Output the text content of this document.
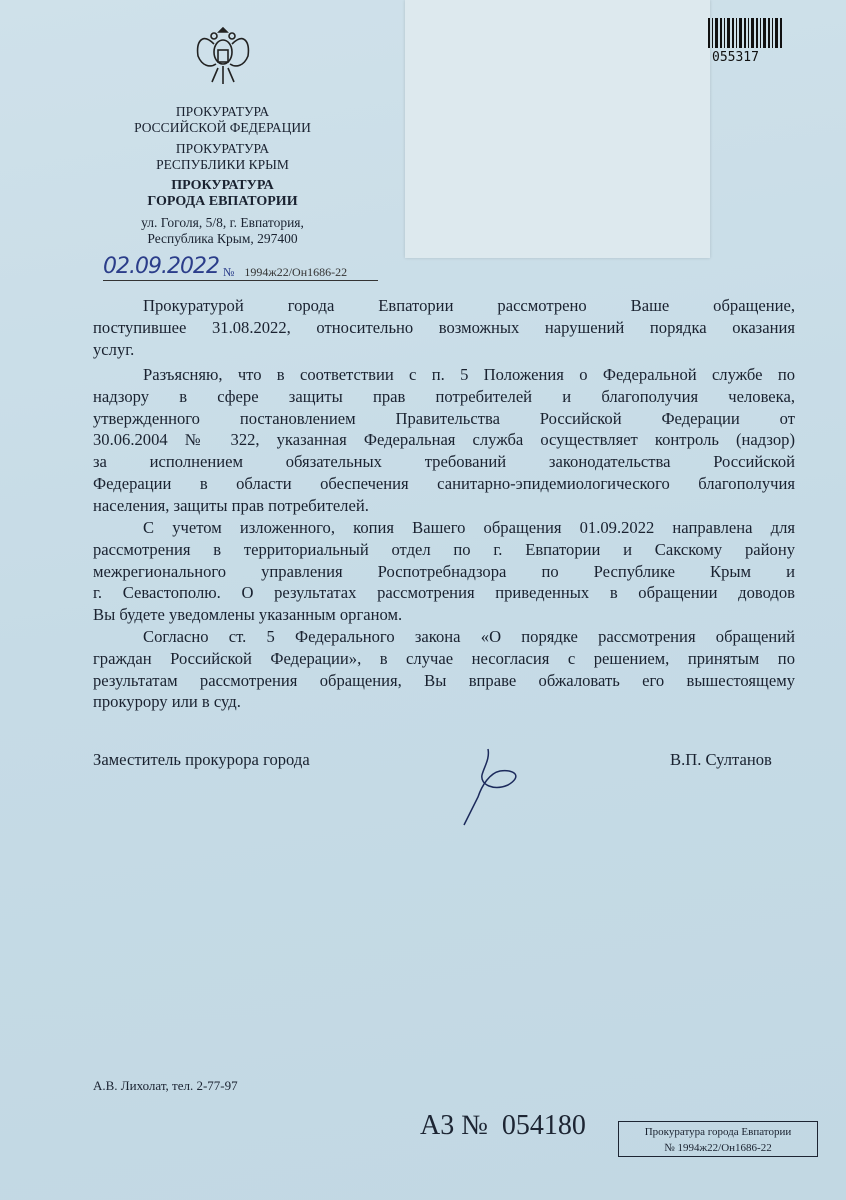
055317
ПРОКУРАТУРА
РОССИЙСКОЙ ФЕДЕРАЦИИ
ПРОКУРАТУРА
РЕСПУБЛИКИ КРЫМ
ПРОКУРАТУРА
ГОРОДА ЕВПАТОРИИ
ул. Гоголя, 5/8, г. Евпатория,
Республика Крым, 297400
02.09.2022 № 1994ж22/Он1686-22
Прокуратурой города Евпатории рассмотрено Ваше обращение,
поступившее 31.08.2022, относительно возможных нарушений порядка оказания
услуг.
Разъясняю, что в соответствии с п. 5 Положения о Федеральной службе по
надзору в сфере защиты прав потребителей и благополучия человека,
утвержденного постановлением Правительства Российской Федерации от
30.06.2004 № 322, указанная Федеральная служба осуществляет контроль (надзор)
за исполнением обязательных требований законодательства Российской
Федерации в области обеспечения санитарно-эпидемиологического благополучия
населения, защиты прав потребителей.
С учетом изложенного, копия Вашего обращения 01.09.2022 направлена для
рассмотрения в территориальный отдел по г. Евпатории и Сакскому району
межрегионального управления Роспотребнадзора по Республике Крым и
г. Севастополю. О результатах рассмотрения приведенных в обращении доводов
Вы будете уведомлены указанным органом.
Согласно ст. 5 Федерального закона «О порядке рассмотрения обращений
граждан Российской Федерации», в случае несогласия с решением, принятым по
результатам рассмотрения обращения, Вы вправе обжаловать его вышестоящему
прокурору или в суд.
Заместитель прокурора города	В.П. Султанов
А.В. Лихолат, тел. 2-77-97
А3 №  054180	Прокуратура города Евпатории
№ 1994ж22/Он1686-22
